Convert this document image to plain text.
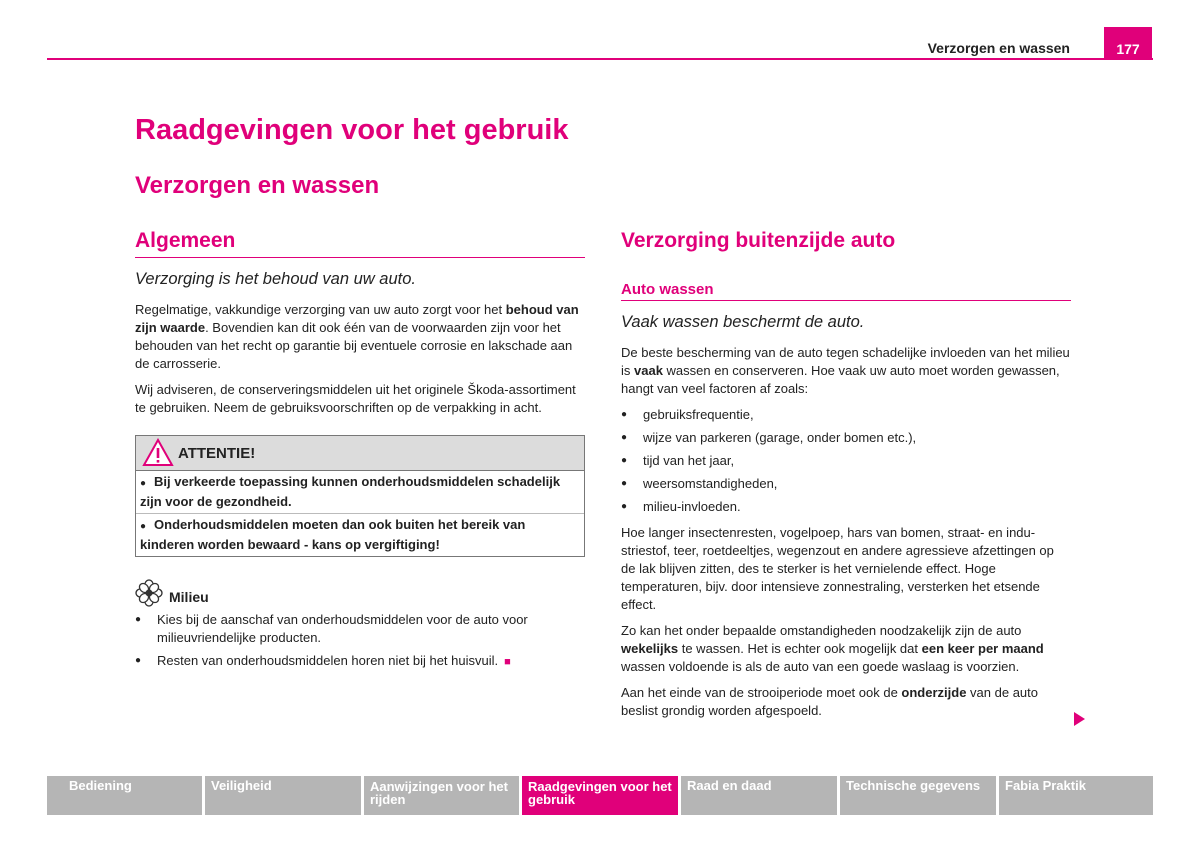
Verzorgen en wassen	177
Raadgevingen voor het gebruik
Verzorgen en wassen
Algemeen
Verzorging is het behoud van uw auto.

Regelmatige, vakkundige verzorging van uw auto zorgt voor het behoud van zijn waarde. Bovendien kan dit ook één van de voorwaarden zijn voor het behouden van het recht op garantie bij eventuele corrosie en lakschade aan de carrosserie.

Wij adviseren, de conserveringsmiddelen uit het originele Škoda-assortiment te gebruiken. Neem de gebruiksvoorschriften op de verpakking in acht.

ATTENTIE!
● Bij verkeerde toepassing kunnen onderhoudsmiddelen schadelijk zijn voor de gezondheid.
● Onderhoudsmiddelen moeten dan ook buiten het bereik van kinderen worden bewaard - kans op vergiftiging!
Milieu
● Kies bij de aanschaf van onderhoudsmiddelen voor de auto voor milieuvriendelijke producten.
● Resten van onderhoudsmiddelen horen niet bij het huisvuil. ■
Verzorging buitenzijde auto
Auto wassen
Vaak wassen beschermt de auto.

De beste bescherming van de auto tegen schadelijke invloeden van het milieu is vaak wassen en conserveren. Hoe vaak uw auto moet worden gewassen, hangt van veel factoren af zoals:

● gebruiksfrequentie,
● wijze van parkeren (garage, onder bomen etc.),
● tijd van het jaar,
● weersomstandigheden,
● milieu-invloeden.

Hoe langer insectenresten, vogelpoep, hars van bomen, straat- en industriestof, teer, roetdeeltjes, wegenzout en andere agressieve afzettingen op de lak blijven zitten, des te sterker is het vernielende effect. Hoge temperaturen, bijv. door intensieve zonnestraling, versterken het etsende effect.

Zo kan het onder bepaalde omstandigheden noodzakelijk zijn de auto wekelijks te wassen. Het is echter ook mogelijk dat een keer per maand wassen voldoende is als de auto van een goede waslaag is voorzien.

Aan het einde van de strooiperiode moet ook de onderzijde van de auto beslist grondig worden afgespoeld.

Bediening	Veiligheid	Aanwijzingen voor het rijden
Raadgevingen voor het gebruik
Raad en daad	Technische gegevens	Fabia Praktik
